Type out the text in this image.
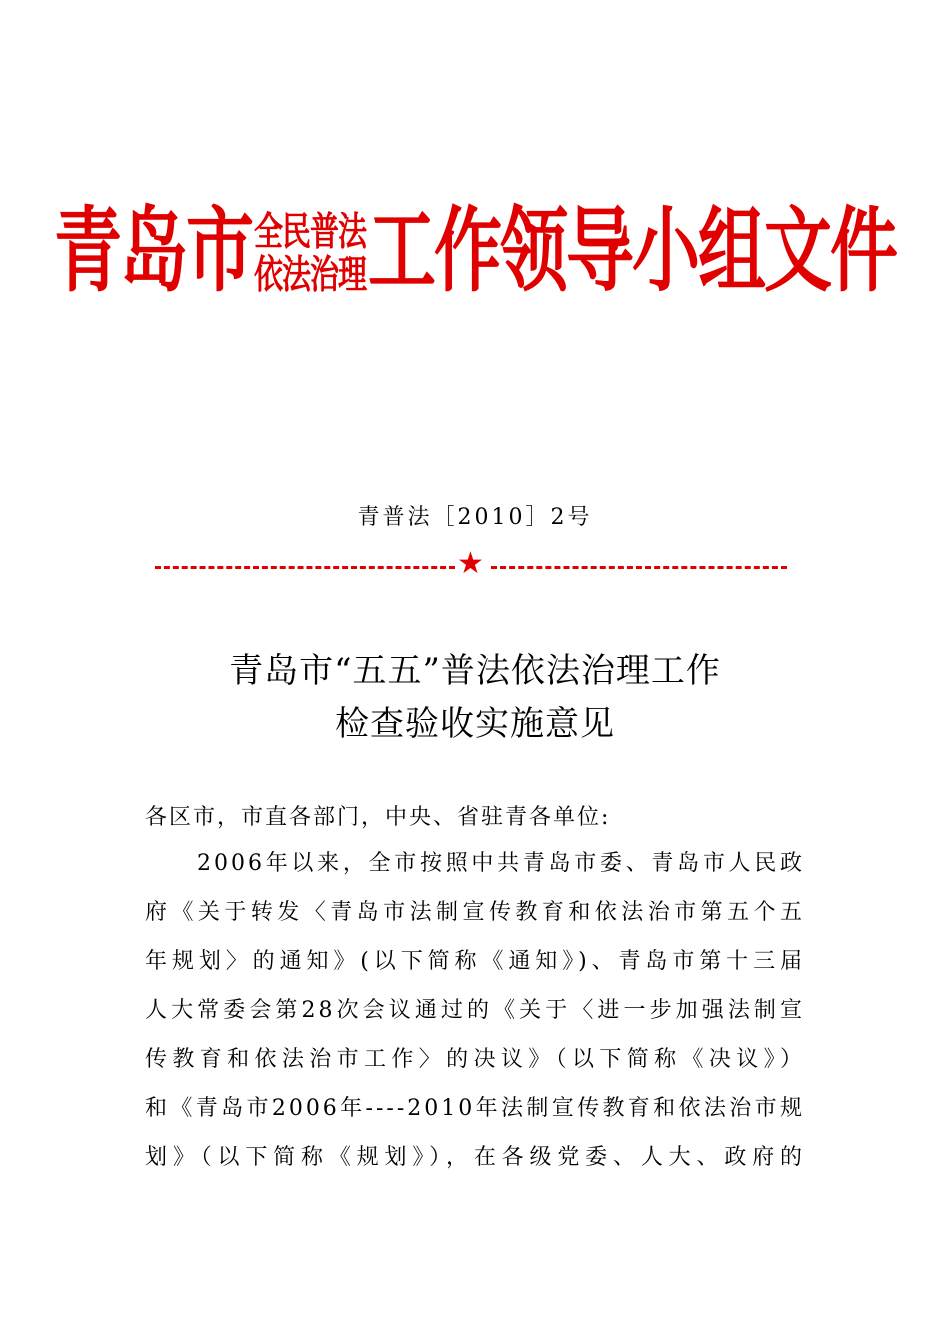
青岛市 全民普法
依法治理 工作领导小组文件
青普法［2010］2号
★
青岛市“五五”普法依法治理工作
检查验收实施意见
各区市，市直各部门，中央、省驻青各单位:
2006年以来，全市按照中共青岛市委、青岛市人民政
府《关于转发〈青岛市法制宣传教育和依法治市第五个五
年规划〉的通知》(以下简称《通知》)、青岛市第十三届
人大常委会第28次会议通过的《关于〈进一步加强法制宣
传教育和依法治市工作〉的决议》（以下简称《决议》）
和《青岛市2006年----2010年法制宣传教育和依法治市规
划》（以下简称《规划》），在各级党委、人大、政府的
